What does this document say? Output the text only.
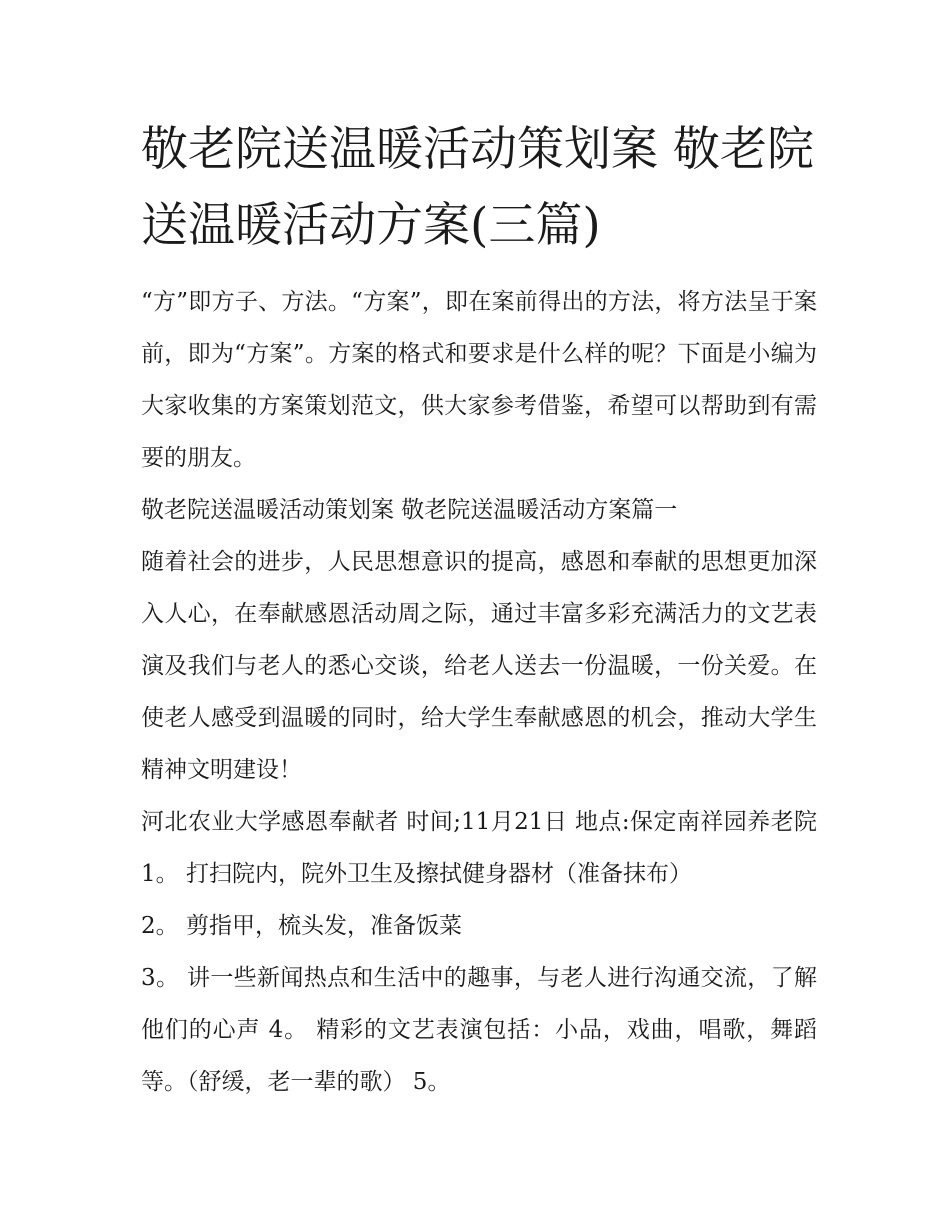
敬老院送温暖活动策划案 敬老院送温暖活动方案(三篇)

“方”即方子、方法。“方案”，即在案前得出的方法，将方法呈于案前，即为“方案”。方案的格式和要求是什么样的呢？下面是小编为大家收集的方案策划范文，供大家参考借鉴，希望可以帮助到有需要的朋友。

敬老院送温暖活动策划案 敬老院送温暖活动方案篇一

随着社会的进步，人民思想意识的提高，感恩和奉献的思想更加深入人心，在奉献感恩活动周之际，通过丰富多彩充满活力的文艺表演及我们与老人的悉心交谈，给老人送去一份温暖，一份关爱。在使老人感受到温暖的同时，给大学生奉献感恩的机会，推动大学生精神文明建设！

河北农业大学感恩奉献者 时间;11月21日 地点:保定南祥园养老院 1。 打扫院内，院外卫生及擦拭健身器材（准备抹布）

2。 剪指甲，梳头发，准备饭菜

3。 讲一些新闻热点和生活中的趣事，与老人进行沟通交流，了解他们的心声 4。 精彩的文艺表演包括：小品，戏曲，唱歌，舞蹈等。（舒缓，老一辈的歌） 5。
